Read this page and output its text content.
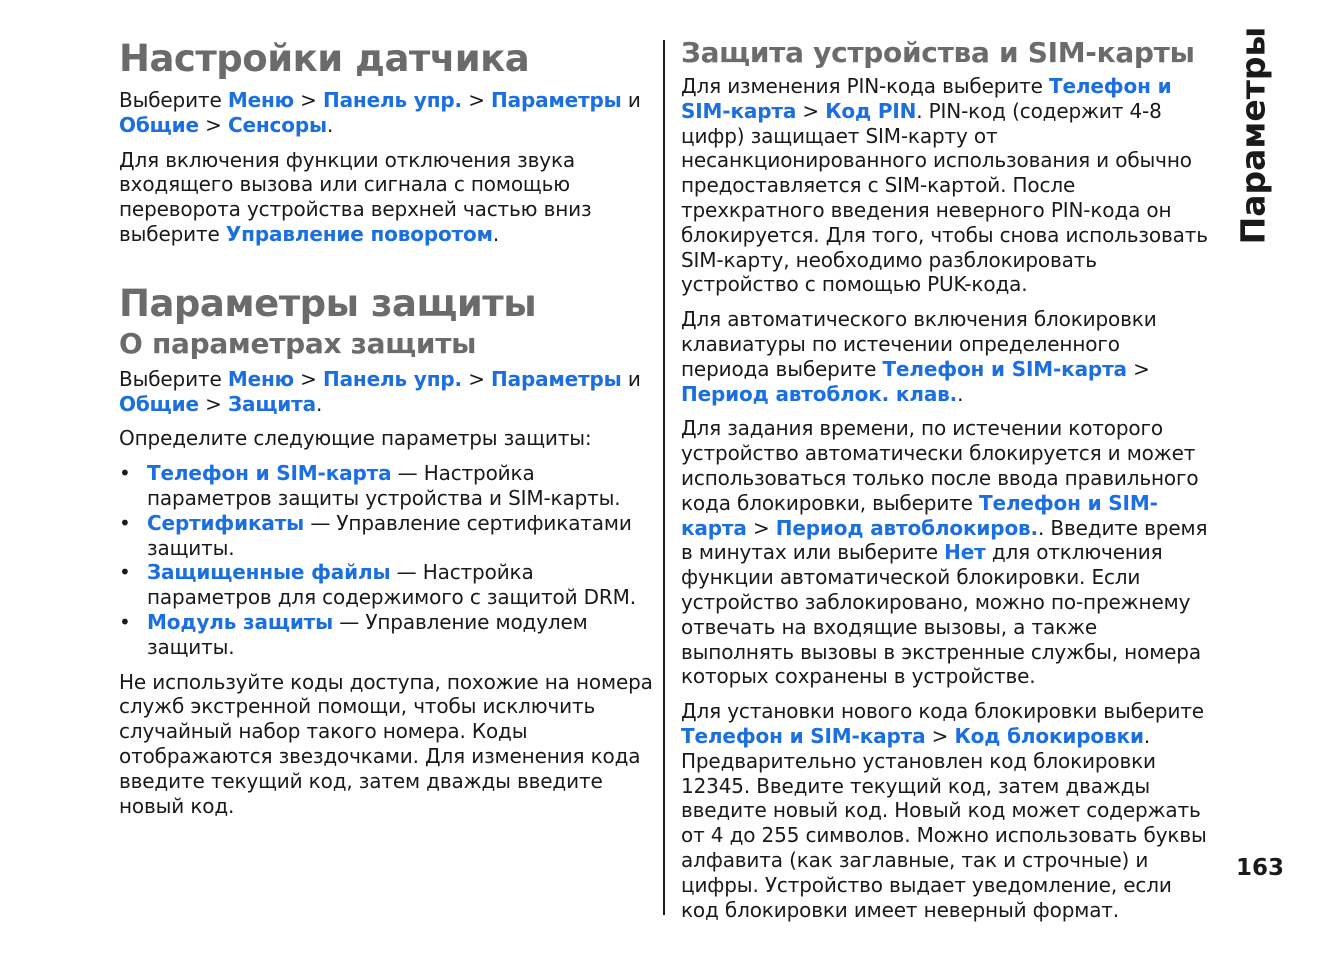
Настройки датчика

Выберите Меню > Панель упр. > Параметры и Общие > Сенсоры.

Для включения функции отключения звука входящего вызова или сигнала с помощью переворота устройства верхней частью вниз выберите Управление поворотом.

Параметры защиты
О параметрах защиты

Выберите Меню > Панель упр. > Параметры и Общие > Защита.

Определите следующие параметры защиты:

• Телефон и SIM-карта — Настройка параметров защиты устройства и SIM-карты.
• Сертификаты — Управление сертификатами защиты.
• Защищенные файлы — Настройка параметров для содержимого с защитой DRM.
• Модуль защиты — Управление модулем защиты.

Не используйте коды доступа, похожие на номера служб экстренной помощи, чтобы исключить случайный набор такого номера. Коды отображаются звездочками. Для изменения кода введите текущий код, затем дважды введите новый код.

Защита устройства и SIM-карты

Для изменения PIN-кода выберите Телефон и SIM-карта > Код PIN. PIN-код (содержит 4-8 цифр) защищает SIM-карту от несанкционированного использования и обычно предоставляется с SIM-картой. После трехкратного введения неверного PIN-кода он блокируется. Для того, чтобы снова использовать SIM-карту, необходимо разблокировать устройство с помощью PUK-кода.

Для автоматического включения блокировки клавиатуры по истечении определенного периода выберите Телефон и SIM-карта > Период автоблок. клав..

Для задания времени, по истечении которого устройство автоматически блокируется и может использоваться только после ввода правильного кода блокировки, выберите Телефон и SIM-карта > Период автоблокиров.. Введите время в минутах или выберите Нет для отключения функции автоматической блокировки. Если устройство заблокировано, можно по-прежнему отвечать на входящие вызовы, а также выполнять вызовы в экстренные службы, номера которых сохранены в устройстве.

Для установки нового кода блокировки выберите Телефон и SIM-карта > Код блокировки. Предварительно установлен код блокировки 12345. Введите текущий код, затем дважды введите новый код. Новый код может содержать от 4 до 255 символов. Можно использовать буквы алфавита (как заглавные, так и строчные) и цифры. Устройство выдает уведомление, если код блокировки имеет неверный формат.

Параметры
163
